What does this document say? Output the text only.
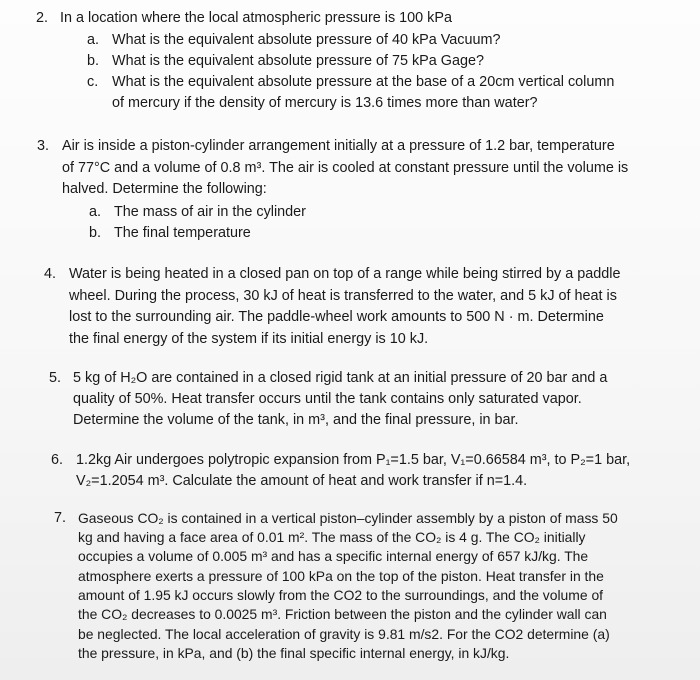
2. In a location where the local atmospheric pressure is 100 kPa
a. What is the equivalent absolute pressure of 40 kPa Vacuum?
b. What is the equivalent absolute pressure of 75 kPa Gage?
c. What is the equivalent absolute pressure at the base of a 20cm vertical column
of mercury if the density of mercury is 13.6 times more than water?
3. Air is inside a piston-cylinder arrangement initially at a pressure of 1.2 bar, temperature
of 77°C and a volume of 0.8 m³. The air is cooled at constant pressure until the volume is
halved. Determine the following:
a. The mass of air in the cylinder
b. The final temperature
4. Water is being heated in a closed pan on top of a range while being stirred by a paddle
wheel. During the process, 30 kJ of heat is transferred to the water, and 5 kJ of heat is
lost to the surrounding air. The paddle-wheel work amounts to 500 N · m. Determine
the final energy of the system if its initial energy is 10 kJ.
5. 5 kg of H₂O are contained in a closed rigid tank at an initial pressure of 20 bar and a
quality of 50%. Heat transfer occurs until the tank contains only saturated vapor.
Determine the volume of the tank, in m³, and the final pressure, in bar.
6. 1.2kg Air undergoes polytropic expansion from P₁=1.5 bar, V₁=0.66584 m³, to P₂=1 bar,
V₂=1.2054 m³. Calculate the amount of heat and work transfer if n=1.4.
7. Gaseous CO₂ is contained in a vertical piston–cylinder assembly by a piston of mass 50
kg and having a face area of 0.01 m². The mass of the CO₂ is 4 g. The CO₂ initially
occupies a volume of 0.005 m³ and has a specific internal energy of 657 kJ/kg. The
atmosphere exerts a pressure of 100 kPa on the top of the piston. Heat transfer in the
amount of 1.95 kJ occurs slowly from the CO2 to the surroundings, and the volume of
the CO₂ decreases to 0.0025 m³. Friction between the piston and the cylinder wall can
be neglected. The local acceleration of gravity is 9.81 m/s2. For the CO2 determine (a)
the pressure, in kPa, and (b) the final specific internal energy, in kJ/kg.
